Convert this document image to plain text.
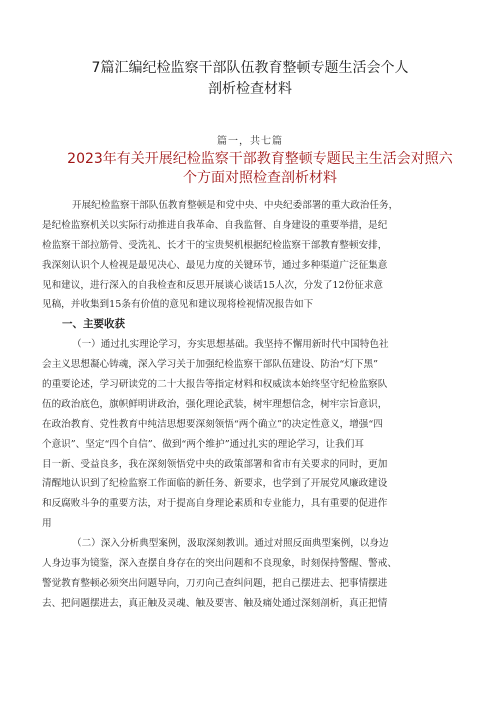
7篇汇编纪检监察干部队伍教育整顿专题生活会个人
剖析检查材料
篇一，共七篇
2023年有关开展纪检监察干部教育整顿专题民主生活会对照六
个方面对照检查剖析材料
开展纪检监察干部队伍教育整顿是和党中央、中央纪委部署的重大政治任务，
是纪检监察机关以实际行动推进自我革命、自我监督、自身建设的重要举措，是纪
检监察干部拉筋骨、受洗礼、长才干的宝贵契机根据纪检监察干部教育整顿安排，
我深刻认识个人检视是最见决心、最见力度的关键环节，通过多种渠道广泛征集意
见和建议，进行深入的自我检查和反思开展谈心谈话15人次，分发了12份征求意
见稿，并收集到15条有价值的意见和建议现将检视情况报告如下
一、主要收获
（一）通过扎实理论学习，夯实思想基础。我坚持不懈用新时代中国特色社
会主义思想凝心铸魂，深入学习关于加强纪检监察干部队伍建设、防治“灯下黑”
的重要论述，学习研读党的二十大报告等指定材料和权威读本始终坚守纪检监察队
伍的政治底色，旗帜鲜明讲政治，强化理论武装，树牢理想信念，树牢宗旨意识，
在政治教育、党性教育中纯洁思想要深刻领悟“两个确立”的决定性意义，增强“四
个意识”、坚定“四个自信”、做到“两个维护”通过扎实的理论学习，让我们耳
目一新、受益良多，我在深刻领悟党中央的政策部署和省市有关要求的同时，更加
清醒地认识到了纪检监察工作面临的新任务、新要求，也学到了开展党风廉政建设
和反腐败斗争的重要方法，对于提高自身理论素质和专业能力，具有重要的促进作
用
（二）深入分析典型案例，汲取深刻教训。通过对照反面典型案例，以身边
人身边事为镜鉴，深入查摆自身存在的突出问题和不良现象，时刻保持警醒、警戒、
警觉教育整顿必须突出问题导向，刀刃向己查纠问题，把自己摆进去、把事情摆进
去、把问题摆进去，真正触及灵魂、触及要害、触及痛处通过深刻剖析，真正把情
